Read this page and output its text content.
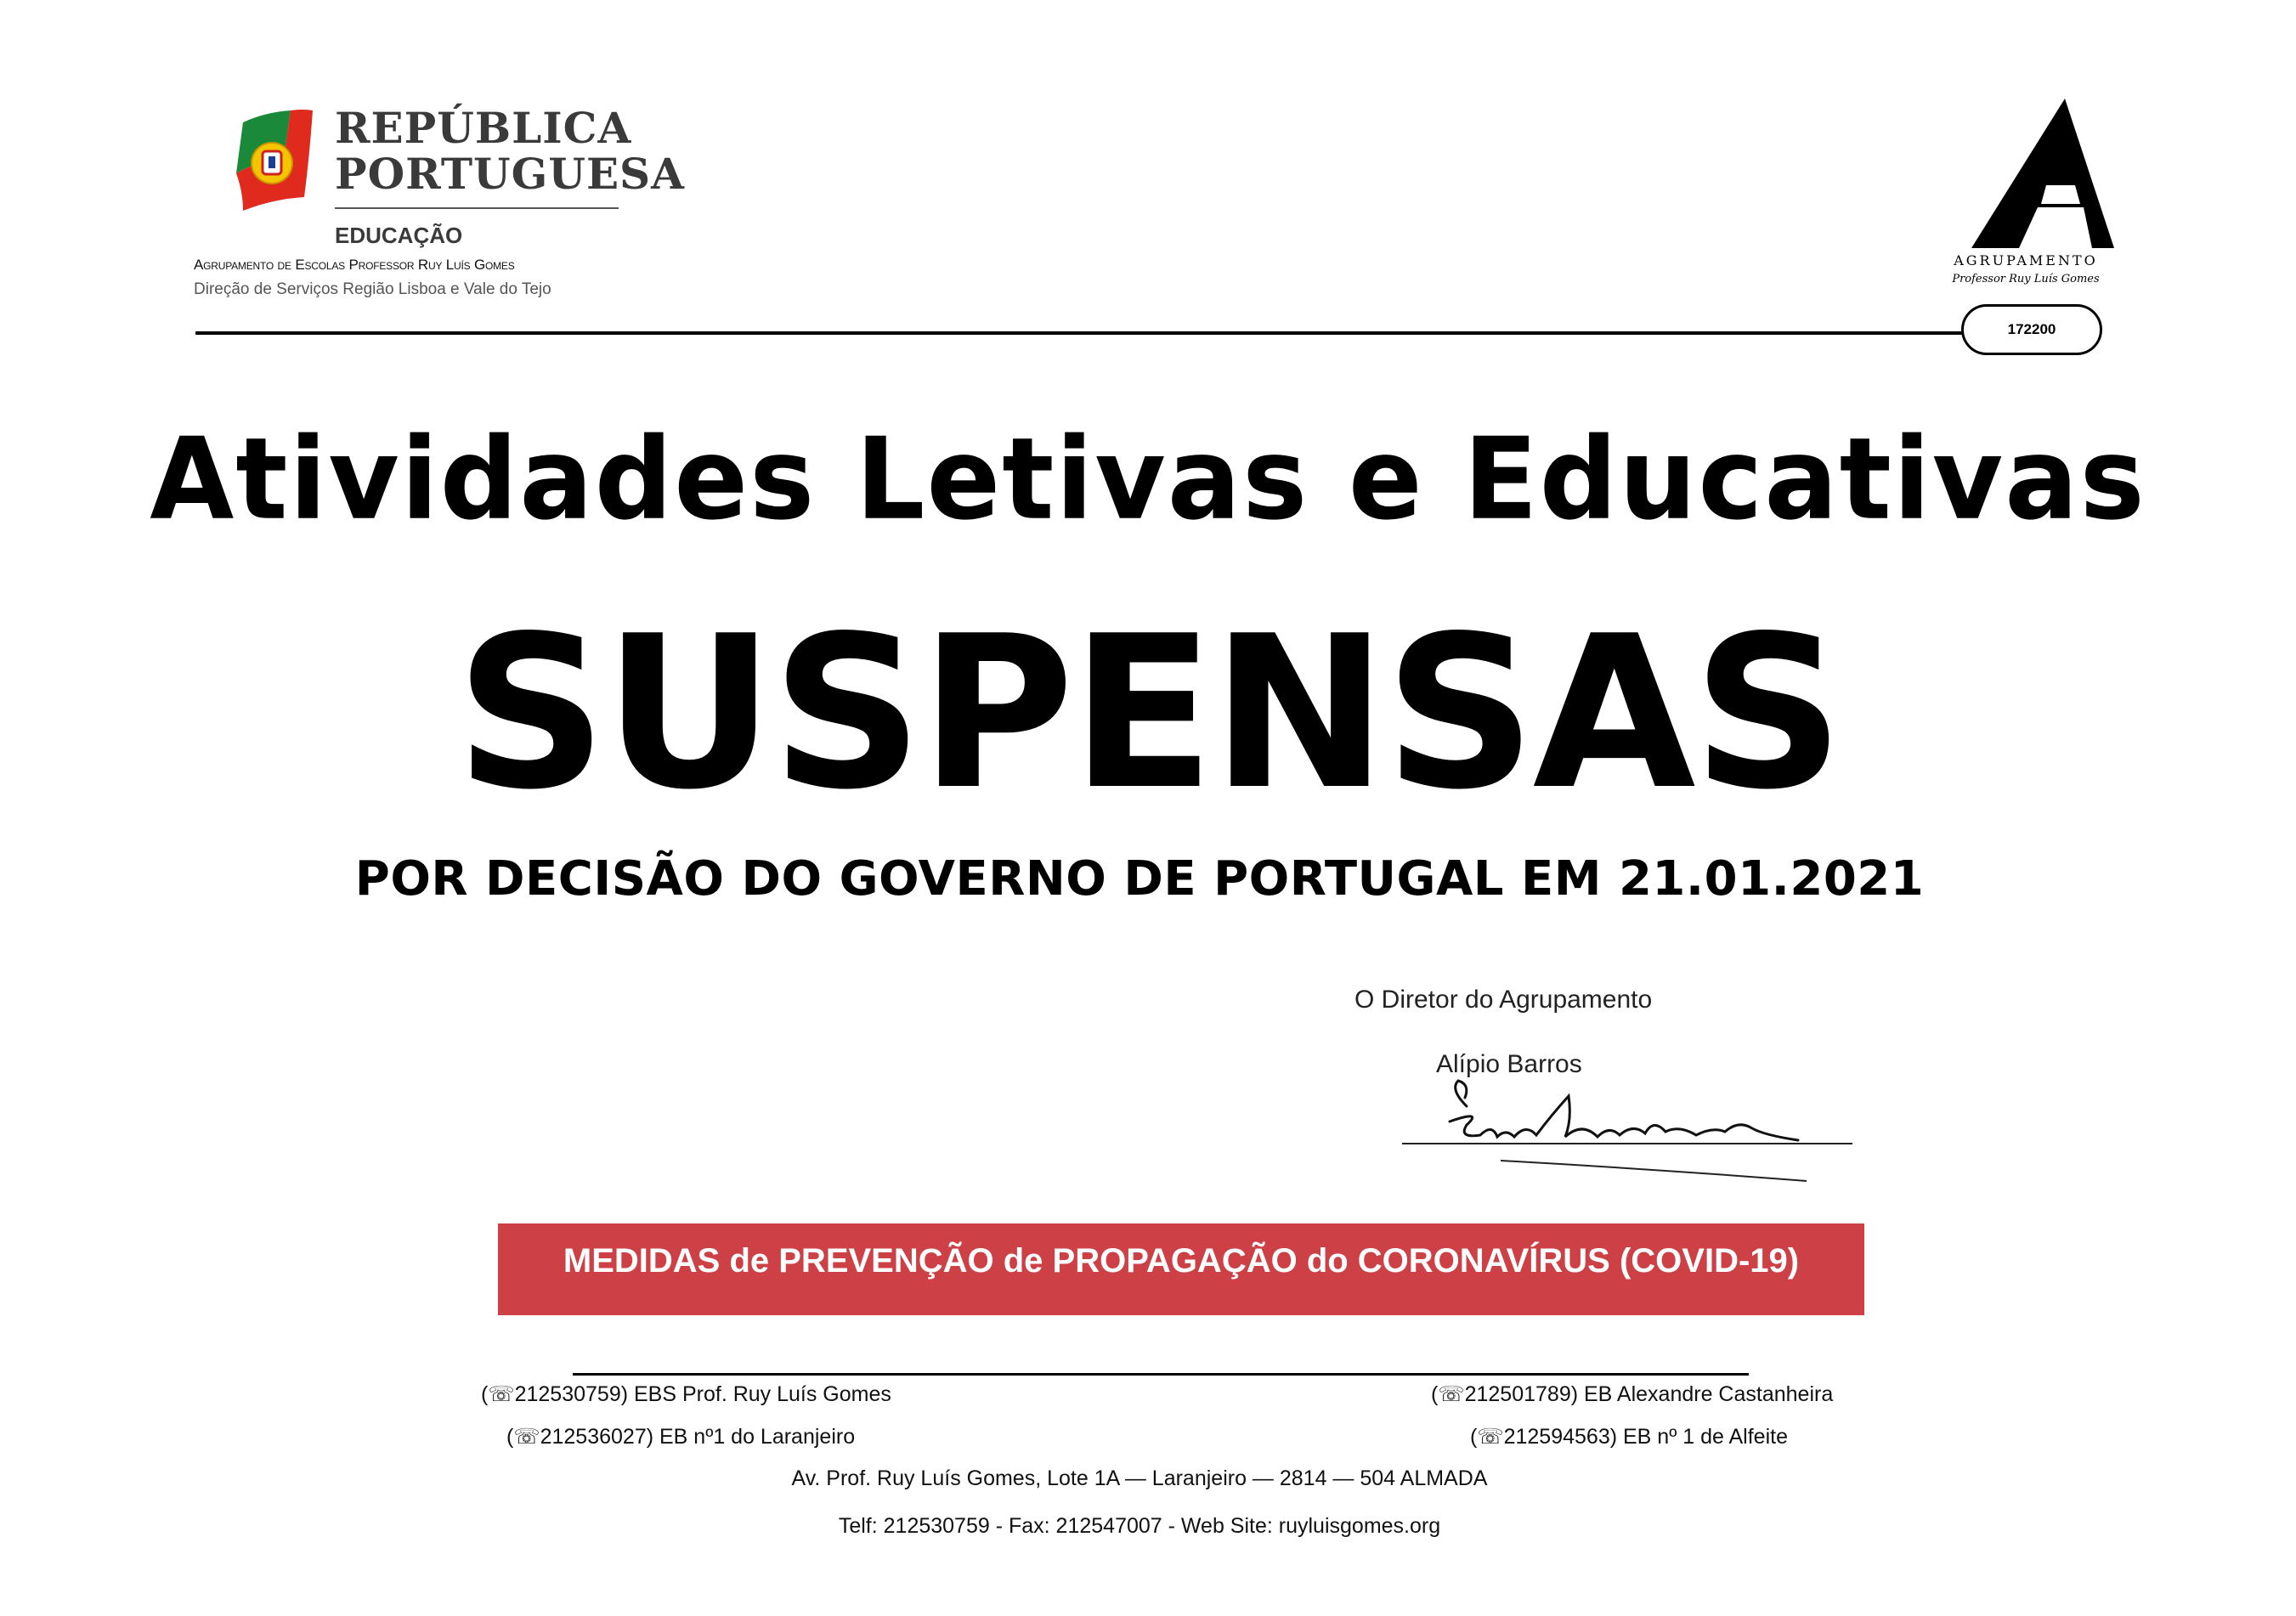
REPÚBLICA
PORTUGUESA
EDUCAÇÃO
Agrupamento de Escolas Professor Ruy Luís Gomes
Direção de Serviços Região Lisboa e Vale do Tejo
AGRUPAMENTO
Professor Ruy Luís Gomes
172200
Atividades Letivas e Educativas
SUSPENSAS
POR DECISÃO DO GOVERNO DE PORTUGAL EM 21.01.2021
O Diretor do Agrupamento
Alípio Barros
MEDIDAS de PREVENÇÃO de PROPAGAÇÃO do CORONAVÍRUS (COVID-19)
(☏212530759) EBS Prof. Ruy Luís Gomes	(☏212501789) EB Alexandre Castanheira
(☏212536027) EB nº1 do Laranjeiro	(☏212594563) EB nº 1 de Alfeite
Av. Prof. Ruy Luís Gomes, Lote 1A — Laranjeiro — 2814 — 504 ALMADA
Telf: 212530759 - Fax: 212547007 - Web Site: ruyluisgomes.org
